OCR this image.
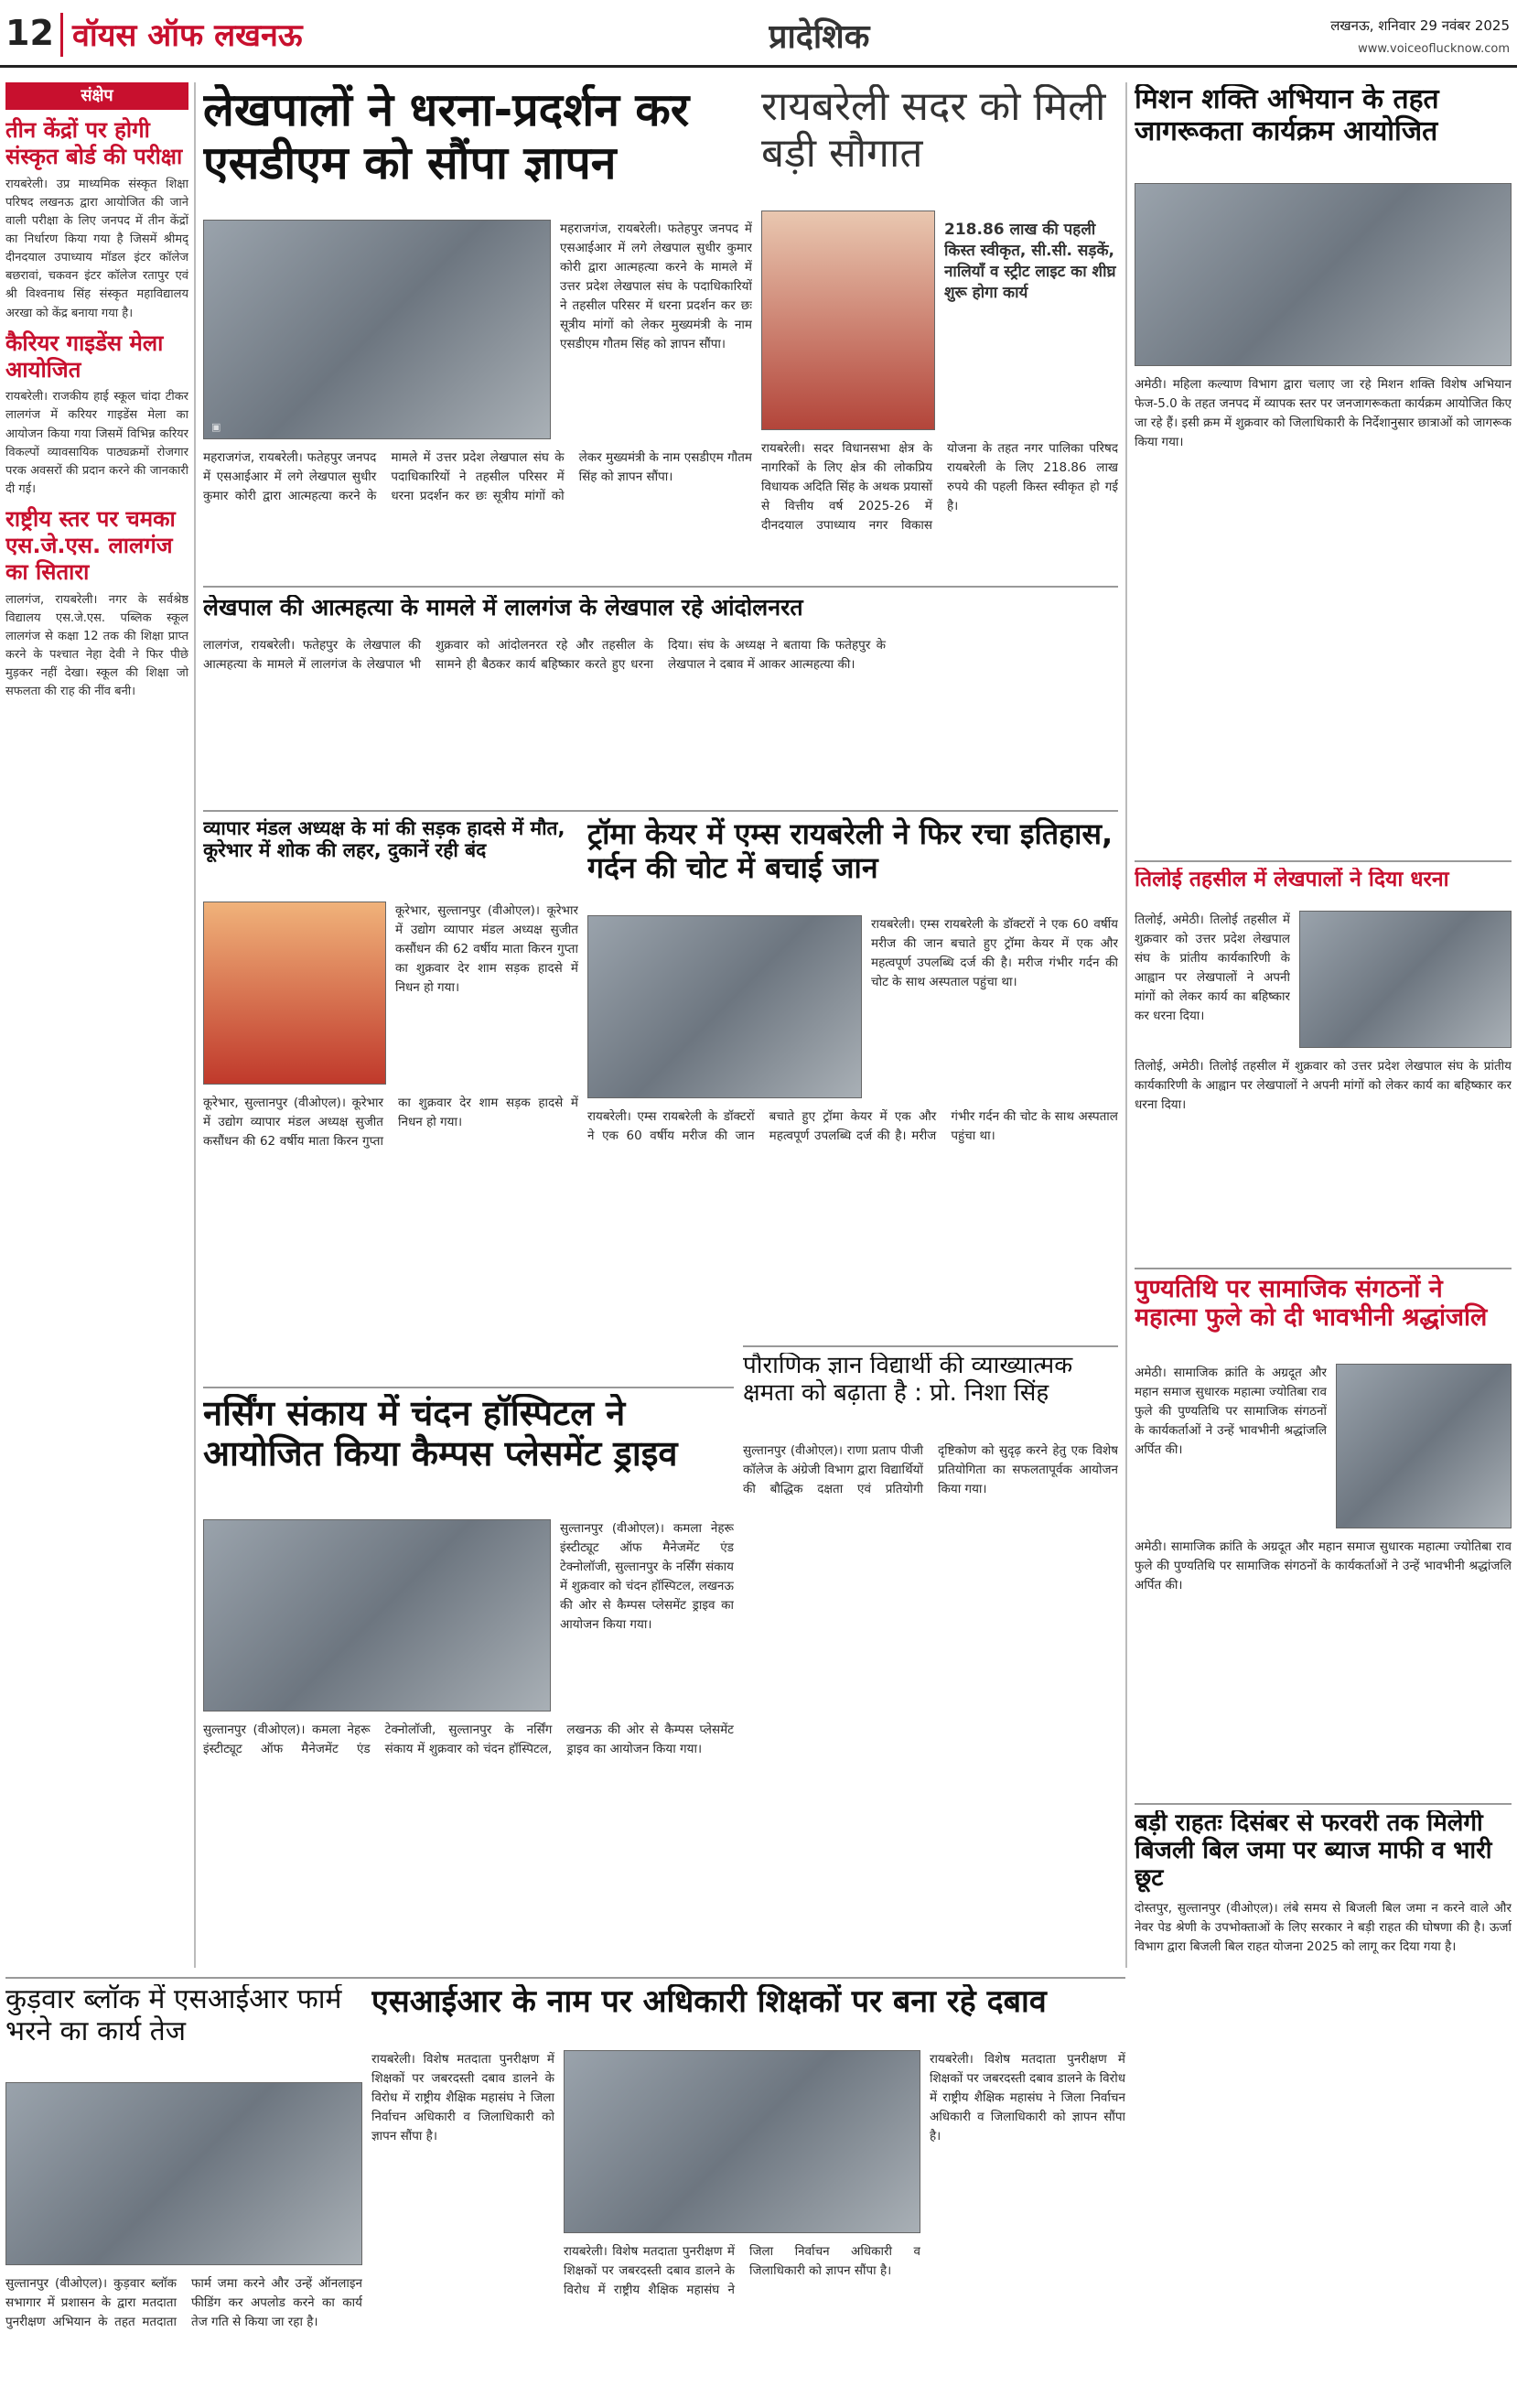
12 वॉयस ऑफ लखनऊ	प्रादेशिक	लखनऊ, शनिवार 29 नवंबर 2025
www.voiceoflucknow.com
संक्षेप
तीन केंद्रों पर होगी संस्कृत बोर्ड की परीक्षा
रायबरेली। उप्र माध्यमिक संस्कृत शिक्षा परिषद लखनऊ द्वारा आयोजित की जाने वाली परीक्षा के लिए जनपद में तीन केंद्रों का निर्धारण किया गया है जिसमें श्रीमद्‌ दीनदयाल उपाध्याय मॉडल इंटर कॉलेज बछरावां, चकवन इंटर कॉलेज रतापुर एवं श्री विश्वनाथ सिंह संस्कृत महाविद्यालय अरखा को केंद्र बनाया गया है।
कैरियर गाइडेंस मेला आयोजित
रायबरेली। राजकीय हाई स्कूल चांदा टीकर लालगंज में करियर गाइडेंस मेला का आयोजन किया गया जिसमें विभिन्न करियर विकल्पों व्यावसायिक पाठ्यक्रमों रोजगार परक अवसरों की प्रदान करने की जानकारी दी गई।
राष्ट्रीय स्तर पर चमका एस.जे.एस. लालगंज का सितारा
लालगंज, रायबरेली। नगर के सर्वश्रेष्ठ विद्यालय एस.जे.एस. पब्लिक स्कूल लालगंज से कक्षा 12 तक की शिक्षा प्राप्त करने के पश्चात नेहा देवी ने फिर पीछे मुड़कर नहीं देखा। स्कूल की शिक्षा जो सफलता की राह की नींव बनी।
लेखपालों ने धरना-प्रदर्शन कर एसडीएम को सौंपा ज्ञापन
▣
महराजगंज, रायबरेली। फतेहपुर जनपद में एसआईआर में लगे लेखपाल सुधीर कुमार कोरी द्वारा आत्महत्या करने के मामले में उत्तर प्रदेश लेखपाल संघ के पदाधिकारियों ने तहसील परिसर में धरना प्रदर्शन कर छः सूत्रीय मांगों को लेकर मुख्यमंत्री के नाम एसडीएम गौतम सिंह को ज्ञापन सौंपा।
महराजगंज, रायबरेली। फतेहपुर जनपद में एसआईआर में लगे लेखपाल सुधीर कुमार कोरी द्वारा आत्महत्या करने के मामले में उत्तर प्रदेश लेखपाल संघ के पदाधिकारियों ने तहसील परिसर में धरना प्रदर्शन कर छः सूत्रीय मांगों को लेकर मुख्यमंत्री के नाम एसडीएम गौतम सिंह को ज्ञापन सौंपा।
रायबरेली सदर को मिली बड़ी सौगात
218.86 लाख की पहली किस्त स्वीकृत, सी.सी. सड़कें, नालियाँ व स्ट्रीट लाइट का शीघ्र शुरू होगा कार्य
रायबरेली। सदर विधानसभा क्षेत्र के नागरिकों के लिए क्षेत्र की लोकप्रिय विधायक अदिति सिंह के अथक प्रयासों से वित्तीय वर्ष 2025-26 में दीनदयाल उपाध्याय नगर विकास योजना के तहत नगर पालिका परिषद रायबरेली के लिए 218.86 लाख रुपये की पहली किस्त स्वीकृत हो गई है।
मिशन शक्ति अभियान के तहत जागरूकता कार्यक्रम आयोजित
अमेठी। महिला कल्याण विभाग द्वारा चलाए जा रहे मिशन शक्ति विशेष अभियान फेज-5.0 के तहत जनपद में व्यापक स्तर पर जनजागरूकता कार्यक्रम आयोजित किए जा रहे हैं। इसी क्रम में शुक्रवार को जिलाधिकारी के निर्देशानुसार छात्राओं को जागरूक किया गया।
लेखपाल की आत्महत्या के मामले में लालगंज के लेखपाल रहे आंदोलनरत
लालगंज, रायबरेली। फतेहपुर के लेखपाल की आत्महत्या के मामले में लालगंज के लेखपाल भी शुक्रवार को आंदोलनरत रहे और तहसील के सामने ही बैठकर कार्य बहिष्कार करते हुए धरना दिया। संघ के अध्यक्ष ने बताया कि फतेहपुर के लेखपाल ने दबाव में आकर आत्महत्या की।
व्यापार मंडल अध्यक्ष के मां की सड़क हादसे में मौत, कूरेभार में शोक की लहर, दुकानें रही बंद
कूरेभार, सुल्तानपुर (वीओएल)। कूरेभार में उद्योग व्यापार मंडल अध्यक्ष सुजीत कसौंधन की 62 वर्षीय माता किरन गुप्ता का शुक्रवार देर शाम सड़क हादसे में निधन हो गया।
कूरेभार, सुल्तानपुर (वीओएल)। कूरेभार में उद्योग व्यापार मंडल अध्यक्ष सुजीत कसौंधन की 62 वर्षीय माता किरन गुप्ता का शुक्रवार देर शाम सड़क हादसे में निधन हो गया।
ट्रॉमा केयर में एम्स रायबरेली ने फिर रचा इतिहास, गर्दन की चोट में बचाई जान
रायबरेली। एम्स रायबरेली के डॉक्टरों ने एक 60 वर्षीय मरीज की जान बचाते हुए ट्रॉमा केयर में एक और महत्वपूर्ण उपलब्धि दर्ज की है। मरीज गंभीर गर्दन की चोट के साथ अस्पताल पहुंचा था।
रायबरेली। एम्स रायबरेली के डॉक्टरों ने एक 60 वर्षीय मरीज की जान बचाते हुए ट्रॉमा केयर में एक और महत्वपूर्ण उपलब्धि दर्ज की है। मरीज गंभीर गर्दन की चोट के साथ अस्पताल पहुंचा था।
तिलोई तहसील में लेखपालों ने दिया धरना
तिलोई, अमेठी। तिलोई तहसील में शुक्रवार को उत्तर प्रदेश लेखपाल संघ के प्रांतीय कार्यकारिणी के आह्वान पर लेखपालों ने अपनी मांगों को लेकर कार्य का बहिष्कार कर धरना दिया।
तिलोई, अमेठी। तिलोई तहसील में शुक्रवार को उत्तर प्रदेश लेखपाल संघ के प्रांतीय कार्यकारिणी के आह्वान पर लेखपालों ने अपनी मांगों को लेकर कार्य का बहिष्कार कर धरना दिया।
पुण्यतिथि पर सामाजिक संगठनों ने महात्मा फुले को दी भावभीनी श्रद्धांजलि
अमेठी। सामाजिक क्रांति के अग्रदूत और महान समाज सुधारक महात्मा ज्योतिबा राव फुले की पुण्यतिथि पर सामाजिक संगठनों के कार्यकर्ताओं ने उन्हें भावभीनी श्रद्धांजलि अर्पित की।
अमेठी। सामाजिक क्रांति के अग्रदूत और महान समाज सुधारक महात्मा ज्योतिबा राव फुले की पुण्यतिथि पर सामाजिक संगठनों के कार्यकर्ताओं ने उन्हें भावभीनी श्रद्धांजलि अर्पित की।
नर्सिंग संकाय में चंदन हॉस्पिटल ने आयोजित किया कैम्पस प्लेसमेंट ड्राइव
सुल्तानपुर (वीओएल)। कमला नेहरू इंस्टीट्यूट ऑफ मैनेजमेंट एंड टेक्नोलॉजी, सुल्तानपुर के नर्सिंग संकाय में शुक्रवार को चंदन हॉस्पिटल, लखनऊ की ओर से कैम्पस प्लेसमेंट ड्राइव का आयोजन किया गया।
सुल्तानपुर (वीओएल)। कमला नेहरू इंस्टीट्यूट ऑफ मैनेजमेंट एंड टेक्नोलॉजी, सुल्तानपुर के नर्सिंग संकाय में शुक्रवार को चंदन हॉस्पिटल, लखनऊ की ओर से कैम्पस प्लेसमेंट ड्राइव का आयोजन किया गया।
पौराणिक ज्ञान विद्यार्थी की व्याख्यात्मक क्षमता को बढ़ाता है : प्रो. निशा सिंह
सुल्तानपुर (वीओएल)। राणा प्रताप पीजी कॉलेज के अंग्रेजी विभाग द्वारा विद्यार्थियों की बौद्धिक दक्षता एवं प्रतियोगी दृष्टिकोण को सुदृढ़ करने हेतु एक विशेष प्रतियोगिता का सफलतापूर्वक आयोजन किया गया।
बड़ी राहतः दिसंबर से फरवरी तक मिलेगी बिजली बिल जमा पर ब्याज माफी व भारी छूट
दोस्तपुर, सुल्तानपुर (वीओएल)। लंबे समय से बिजली बिल जमा न करने वाले और नेवर पेड श्रेणी के उपभोक्ताओं के लिए सरकार ने बड़ी राहत की घोषणा की है। ऊर्जा विभाग द्वारा बिजली बिल राहत योजना 2025 को लागू कर दिया गया है।
कुड़वार ब्लॉक में एसआईआर फार्म भरने का कार्य तेज
सुल्तानपुर (वीओएल)। कुड़वार ब्लॉक सभागार में प्रशासन के द्वारा मतदाता पुनरीक्षण अभियान के तहत मतदाता फार्म जमा करने और उन्हें ऑनलाइन फीडिंग कर अपलोड करने का कार्य तेज गति से किया जा रहा है।
एसआईआर के नाम पर अधिकारी शिक्षकों पर बना रहे दबाव
रायबरेली। विशेष मतदाता पुनरीक्षण में शिक्षकों पर जबरदस्ती दबाव डालने के विरोध में राष्ट्रीय शैक्षिक महासंघ ने जिला निर्वाचन अधिकारी व जिलाधिकारी को ज्ञापन सौंपा है।
रायबरेली। विशेष मतदाता पुनरीक्षण में शिक्षकों पर जबरदस्ती दबाव डालने के विरोध में राष्ट्रीय शैक्षिक महासंघ ने जिला निर्वाचन अधिकारी व जिलाधिकारी को ज्ञापन सौंपा है।
रायबरेली। विशेष मतदाता पुनरीक्षण में शिक्षकों पर जबरदस्ती दबाव डालने के विरोध में राष्ट्रीय शैक्षिक महासंघ ने जिला निर्वाचन अधिकारी व जिलाधिकारी को ज्ञापन सौंपा है।
